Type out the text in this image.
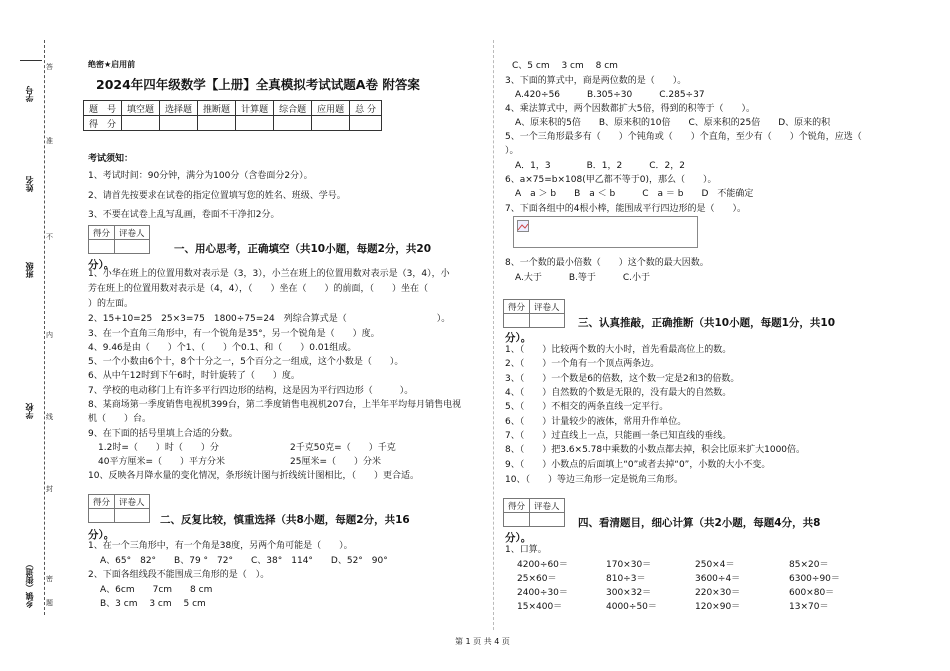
学号
姓名
班级
学校
乡镇（街道）
答
准
不
内
线
封
密
题
绝密★启用前
2024年四年级数学【上册】全真模拟考试试题A卷 附答案
题　号	填空题	选择题	推断题	计算题	综合题	应用题	总 分
得　分							
考试须知：
1、考试时间：90分钟，满分为100分（含卷面分2分）。
2、请首先按要求在试卷的指定位置填写您的姓名、班级、学号。
3、不要在试卷上乱写乱画，卷面不干净扣2分。
得分	评卷人

一、用心思考，正确填空（共10小题，每题2分，共20
分）。
1、小华在班上的位置用数对表示是（3，3），小兰在班上的位置用数对表示是（3，4），小
芳在班上的位置用数对表示是（4，4），（　　）坐在（　　）的前面，（　　）坐在（　　
）的左面。
2、15+10=25　25×3=75　1800÷75=24　列综合算式是（　　　　　　　　　　）。
3、在一个直角三角形中，有一个锐角是35°，另一个锐角是（　　）度。
4、9.46是由（　　）个1、（　　）个0.1、和（　　）0.01组成。
5、一个小数由6个十，8个十分之一，5个百分之一组成，这个小数是（　　）。
6、从中午12时到下午6时，时针旋转了（　　）度。
7、学校的电动移门上有许多平行四边形的结构，这是因为平行四边形（　　　）。
8、某商场第一季度销售电视机399台，第二季度销售电视机207台，上半年平均每月销售电视
机（　　）台。
9、在下面的括号里填上合适的分数。
1.2时=（　　）时（　　）分	2千克50克=（　　）千克
40平方厘米=（　　）平方分米	25厘米=（　　）分米
10、反映各月降水量的变化情况，条形统计图与折线统计图相比，（　　）更合适。
得分	评卷人

二、反复比较，慎重选择（共8小题，每题2分，共16
分）。
1、在一个三角形中，有一个角是38度，另两个角可能是（　　）。
A、65°　82°　　B、79 °　72°　　C、38°　114°　　D、52°　90°
2、下面各组线段不能围成三角形的是（　）。
A、6cm　　7cm　　8 cm
B、3 cm　 3 cm　 5 cm
C、5 cm　 3 cm　 8 cm
3、下面的算式中，商是两位数的是（　　）。
A.420÷56　　　B.305÷30　　　C.285÷37
4、乘法算式中，两个因数都扩大5倍，得到的积等于（　　）。
A、原来积的5倍　　B、原来积的10倍　　C、原来积的25倍　　D、原来的积
5、一个三角形最多有（　　）个钝角或（　　）个直角，至少有（　　）个锐角，应选（　　
）。
A．1，3　　　　B．1，2　　　C．2，2
6、a×75=b×108(甲乙都不等于0)，那么（　　）。
A　a ＞ b　　B　a ＜ b　　　C　a ＝ b　　D　不能确定
7、下面各组中的4根小棒，能围成平行四边形的是（　　）。
8、一个数的最小倍数（　　）这个数的最大因数。
A.大于　　　B.等于　　　C.小于
得分	评卷人

三、认真推敲，正确推断（共10小题，每题1分，共10
分）。
1、（　　）比较两个数的大小时，首先看最高位上的数。
2、（　　）一个角有一个顶点两条边。
3、（　　）一个数是6的倍数，这个数一定是2和3的倍数。
4、（　　）自然数的个数是无限的，没有最大的自然数。
5、（　　）不相交的两条直线一定平行。
6、（　　）计量较少的液体，常用升作单位。
7、（　　）过直线上一点，只能画一条已知直线的垂线。
8、（　　）把3.6×5.78中乘数的小数点都去掉，积会比原来扩大1000倍。
9、（　　）小数点的后面填上“0”或者去掉“0”，小数的大小不变。
10、（　　）等边三角形一定是锐角三角形。
得分	评卷人

四、看清题目，细心计算（共2小题，每题4分，共8
分）。
1、口算。
4200÷60＝	170×30＝	250×4＝	85×20＝
25×60＝	810÷3＝	3600÷4＝	6300÷90＝
2400÷30＝	300×32＝	220×30＝	600×80＝
15×400＝	4000÷50＝	120×90＝	13×70＝
第 1 页 共 4 页
